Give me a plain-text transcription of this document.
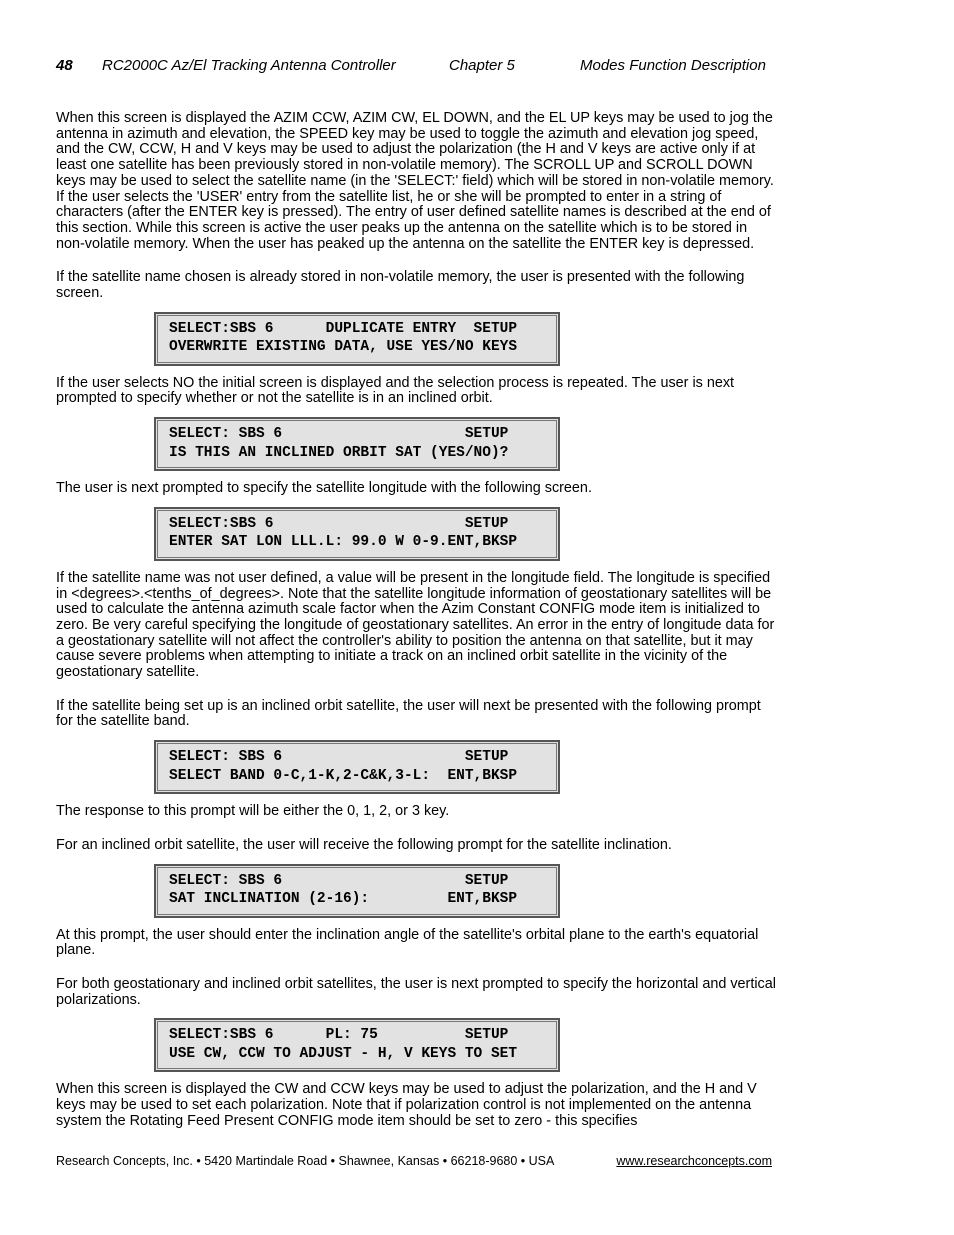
48 RC2000C Az/El Tracking Antenna Controller	Chapter 5	Modes Function Description

When this screen is displayed the AZIM CCW, AZIM CW, EL DOWN, and the EL UP keys may be used to jog the antenna in azimuth and elevation, the SPEED key may be used to toggle the azimuth and elevation jog speed, and the CW, CCW, H and V keys may be used to adjust the polarization (the H and V keys are active only if at least one satellite has been previously stored in non-volatile memory). The SCROLL UP and SCROLL DOWN keys may be used to select the satellite name (in the 'SELECT:' field) which will be stored in non-volatile memory. If the user selects the 'USER' entry from the satellite list, he or she will be prompted to enter in a string of characters (after the ENTER key is pressed). The entry of user defined satellite names is described at the end of this section. While this screen is active the user peaks up the antenna on the satellite which is to be stored in non-volatile memory. When the user has peaked up the antenna on the satellite the ENTER key is depressed.

If the satellite name chosen is already stored in non-volatile memory, the user is presented with the following screen.

SELECT:SBS 6      DUPLICATE ENTRY  SETUP
OVERWRITE EXISTING DATA, USE YES/NO KEYS

If the user selects NO the initial screen is displayed and the selection process is repeated. The user is next prompted to specify whether or not the satellite is in an inclined orbit.

SELECT: SBS 6                     SETUP
IS THIS AN INCLINED ORBIT SAT (YES/NO)?

The user is next prompted to specify the satellite longitude with the following screen.

SELECT:SBS 6                      SETUP
ENTER SAT LON LLL.L: 99.0 W 0-9.ENT,BKSP

If the satellite name was not user defined, a value will be present in the longitude field. The longitude is specified in <degrees>.<tenths_of_degrees>. Note that the satellite longitude information of geostationary satellites will be used to calculate the antenna azimuth scale factor when the Azim Constant CONFIG mode item is initialized to zero. Be very careful specifying the longitude of geostationary satellites. An error in the entry of longitude data for a geostationary satellite will not affect the controller's ability to position the antenna on that satellite, but it may cause severe problems when attempting to initiate a track on an inclined orbit satellite in the vicinity of the geostationary satellite.

If the satellite being set up is an inclined orbit satellite, the user will next be presented with the following prompt for the satellite band.

SELECT: SBS 6                     SETUP
SELECT BAND 0-C,1-K,2-C&K,3-L:  ENT,BKSP

The response to this prompt will be either the 0, 1, 2, or 3 key.

For an inclined orbit satellite, the user will receive the following prompt for the satellite inclination.

SELECT: SBS 6                     SETUP
SAT INCLINATION (2-16):         ENT,BKSP

At this prompt, the user should enter the inclination angle of the satellite's orbital plane to the earth's equatorial plane.

For both geostationary and inclined orbit satellites, the user is next prompted to specify the horizontal and vertical polarizations.

SELECT:SBS 6      PL: 75          SETUP
USE CW, CCW TO ADJUST - H, V KEYS TO SET

When this screen is displayed the CW and CCW keys may be used to adjust the polarization, and the H and V keys may be used to set each polarization. Note that if polarization control is not implemented on the antenna system the Rotating Feed Present CONFIG mode item should be set to zero - this specifies

Research Concepts, Inc. • 5420 Martindale Road • Shawnee, Kansas • 66218-9680 • USA	www.researchconcepts.com
